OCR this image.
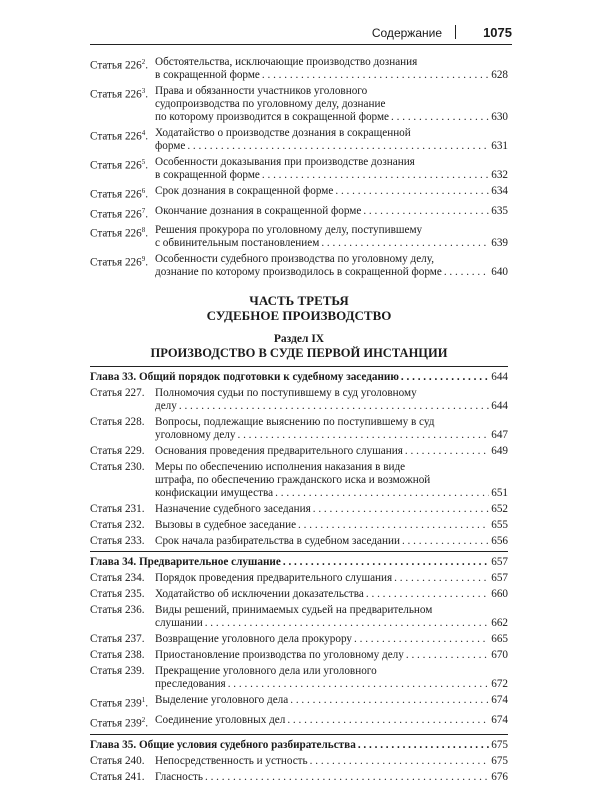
Содержание	1075
Статья $226^2$. Обстоятельства, исключающие производство дознания
в сокращенной форме . . .	628
Статья $226^3$. Права и обязанности участников уголовного
судопроизводства по уголовному делу, дознание
по которому производится в сокращенной форме . . .	630
Статья $226^4$. Ходатайство о производстве дознания в сокращенной
форме . . .	631
Статья $226^5$. Особенности доказывания при производстве дознания
в сокращенной форме . . .	632
Статья $226^6$. Срок дознания в сокращенной форме . . .	634
Статья $226^7$. Окончание дознания в сокращенной форме . . .	635
Статья $226^8$. Решения прокурора по уголовному делу, поступившему
с обвинительным постановлением . . .	639
Статья $226^9$. Особенности судебного производства по уголовному делу,
дознание по которому производилось в сокращенной форме . . .	640
ЧАСТЬ ТРЕТЬЯ
СУДЕБНОЕ ПРОИЗВОДСТВО
Раздел IX
ПРОИЗВОДСТВО В СУДЕ ПЕРВОЙ ИНСТАНЦИИ
Глава 33. Общий порядок подготовки к судебному заседанию . . .	644
Статья 227. Полномочия судьи по поступившему в суд уголовному
делу . . .	644
Статья 228. Вопросы, подлежащие выяснению по поступившему в суд
уголовному делу . . .	647
Статья 229. Основания проведения предварительного слушания . . .	649
Статья 230. Меры по обеспечению исполнения наказания в виде
штрафа, по обеспечению гражданского иска и возможной
конфискации имущества . . .	651
Статья 231. Назначение судебного заседания . . .	652
Статья 232. Вызовы в судебное заседание . . .	655
Статья 233. Срок начала разбирательства в судебном заседании . . .	656
Глава 34. Предварительное слушание . . .	657
Статья 234. Порядок проведения предварительного слушания . . .	657
Статья 235. Ходатайство об исключении доказательства . . .	660
Статья 236. Виды решений, принимаемых судьей на предварительном
слушании . . .	662
Статья 237. Возвращение уголовного дела прокурору . . .	665
Статья 238. Приостановление производства по уголовному делу . . .	670
Статья 239. Прекращение уголовного дела или уголовного
преследования . . .	672
Статья $239^1$. Выделение уголовного дела . . .	674
Статья $239^2$. Соединение уголовных дел . . .	674
Глава 35. Общие условия судебного разбирательства . . .	675
Статья 240. Непосредственность и устность . . .	675
Статья 241. Гласность . . .	676
